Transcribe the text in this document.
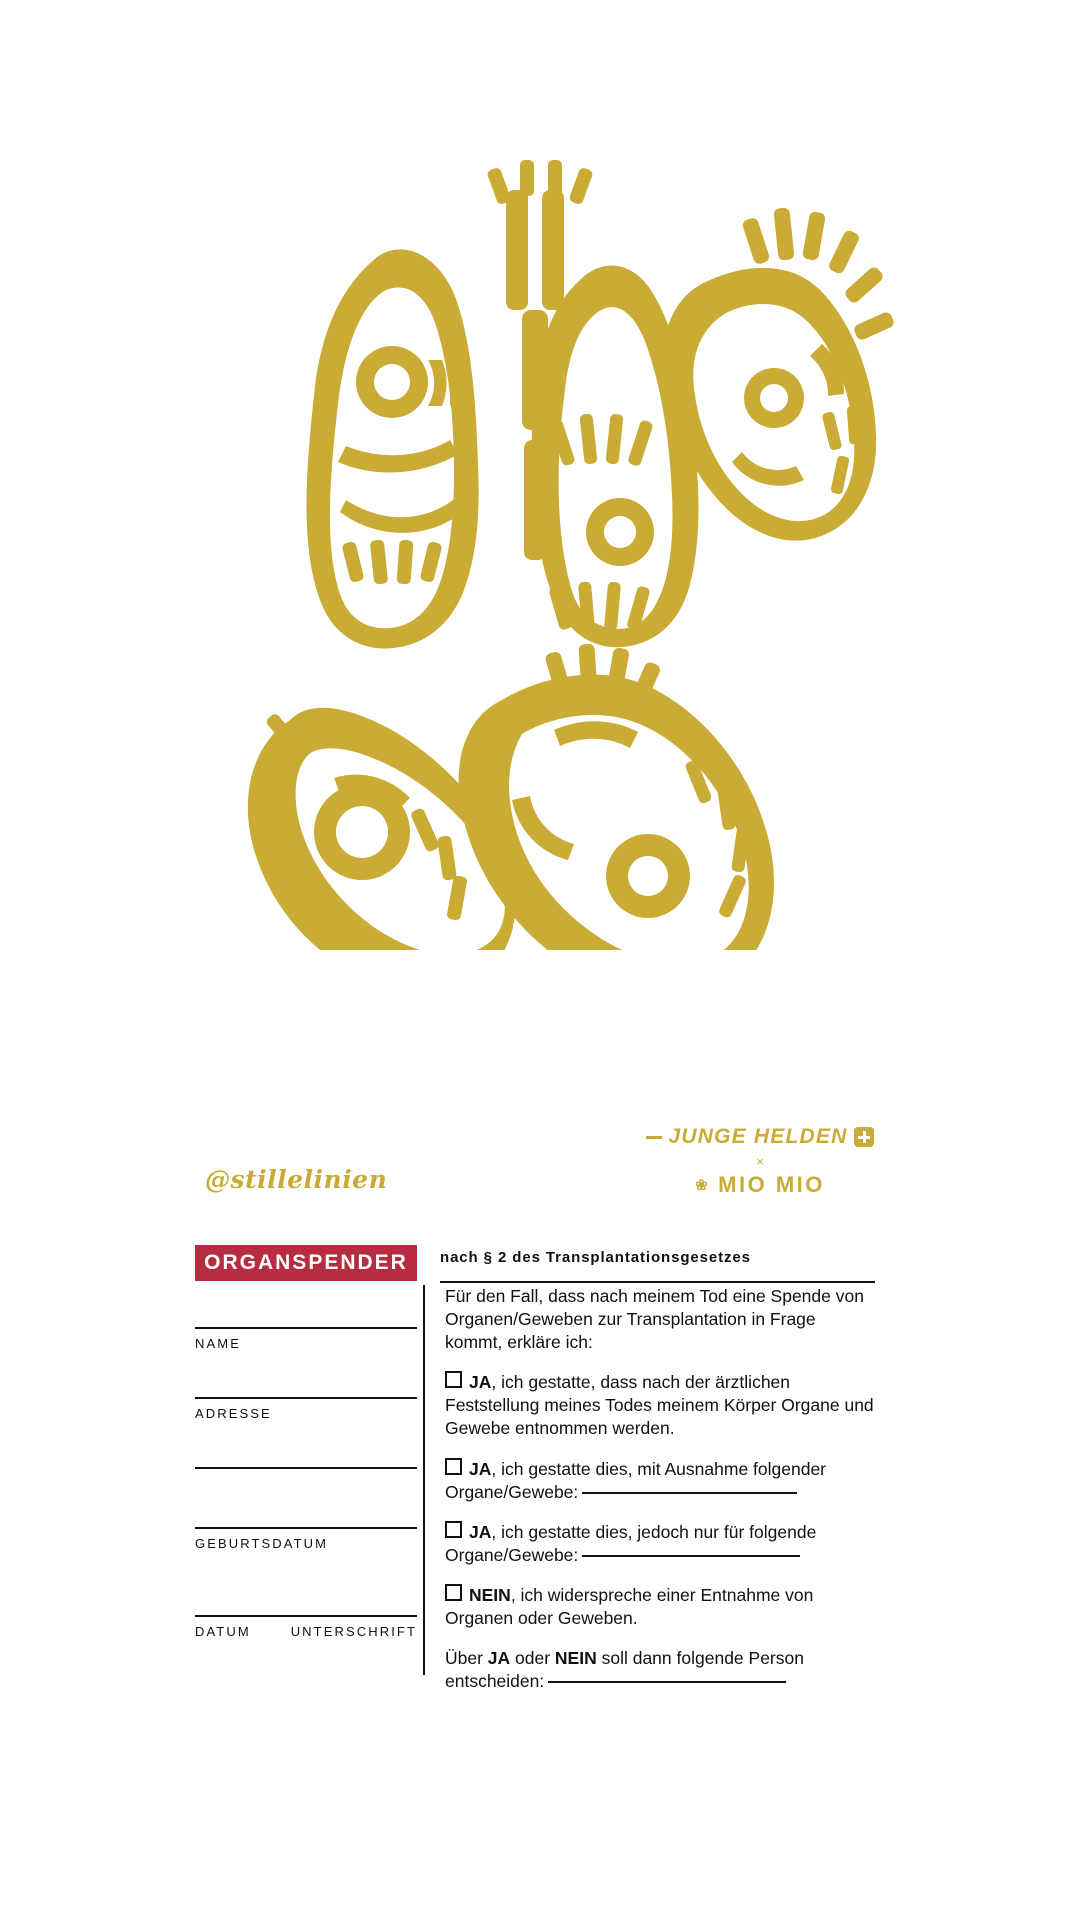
@stillelinien
JUNGE HELDEN
×
❀ MIO MIO
ORGANSPENDER	nach § 2 des Transplantationsgesetzes
NAME
ADRESSE
GEBURTSDATUM
DATUM	UNTERSCHRIFT
Für den Fall, dass nach meinem Tod eine Spende von Organen/Geweben zur Transplantation in Frage kommt, erkläre ich:
JA, ich gestatte, dass nach der ärztlichen Feststellung meines Todes meinem Körper Organe und Gewebe entnommen werden.
JA, ich gestatte dies, mit Ausnahme folgender Organe/Gewebe:
JA, ich gestatte dies, jedoch nur für folgende Organe/Gewebe:
NEIN, ich widerspreche einer Entnahme von Organen oder Geweben.
Über JA oder NEIN soll dann folgende Person entscheiden:
